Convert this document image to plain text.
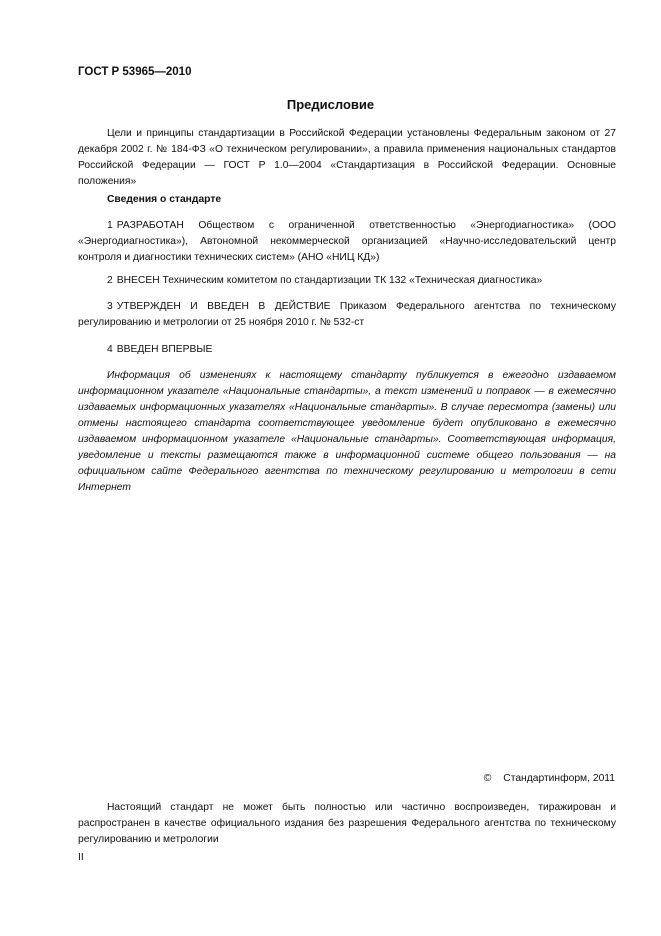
ГОСТ Р 53965—2010
Предисловие
Цели и принципы стандартизации в Российской Федерации установлены Федеральным законом от 27 декабря 2002 г. № 184-ФЗ «О техническом регулировании», а правила применения национальных стандартов Российской Федерации — ГОСТ Р 1.0—2004 «Стандартизация в Российской Федерации. Основные положения»
Сведения о стандарте
1 РАЗРАБОТАН Обществом с ограниченной ответственностью «Энергодиагностика» (ООО «Энергодиагностика»), Автономной некоммерческой организацией «Научно-исследовательский центр контроля и диагностики технических систем» (АНО «НИЦ КД»)
2 ВНЕСЕН Техническим комитетом по стандартизации ТК 132 «Техническая диагностика»
3 УТВЕРЖДЕН И ВВЕДЕН В ДЕЙСТВИЕ Приказом Федерального агентства по техническому регулированию и метрологии от 25 ноября 2010 г. № 532-ст
4 ВВЕДЕН ВПЕРВЫЕ
Информация об изменениях к настоящему стандарту публикуется в ежегодно издаваемом информационном указателе «Национальные стандарты», а текст изменений и поправок — в ежемесячно издаваемых информационных указателях «Национальные стандарты». В случае пересмотра (замены) или отмены настоящего стандарта соответствующее уведомление будет опубликовано в ежемесячно издаваемом информационном указателе «Национальные стандарты». Соответствующая информация, уведомление и тексты размещаются также в информационной системе общего пользования — на официальном сайте Федерального агентства по техническому регулированию и метрологии в сети Интернет
© Стандартинформ, 2011
Настоящий стандарт не может быть полностью или частично воспроизведен, тиражирован и распространен в качестве официального издания без разрешения Федерального агентства по техническому регулированию и метрологии
II
